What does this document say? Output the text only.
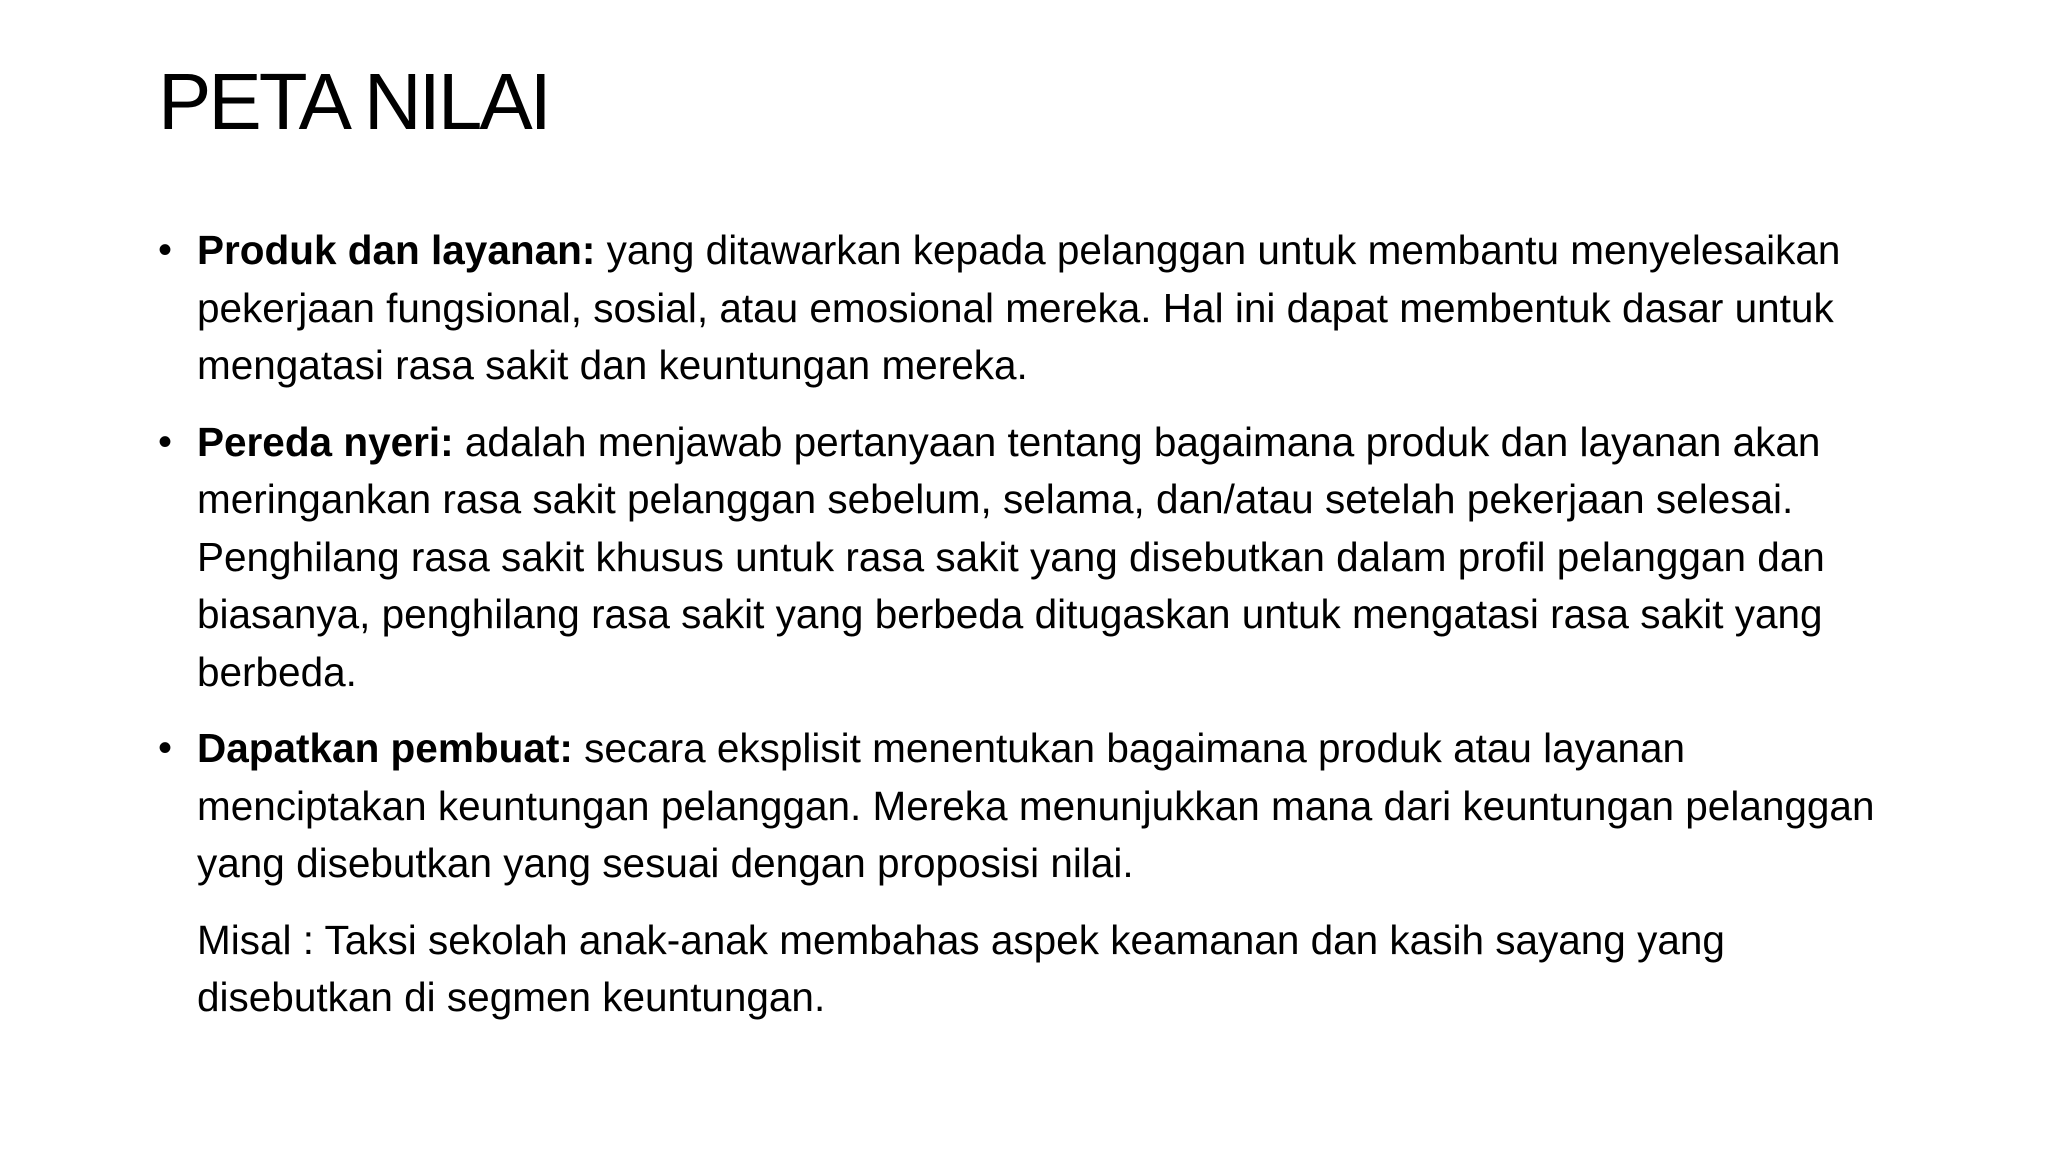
PETA NILAI

• Produk dan layanan: yang ditawarkan kepada pelanggan untuk membantu menyelesaikan pekerjaan fungsional, sosial, atau emosional mereka. Hal ini dapat membentuk dasar untuk mengatasi rasa sakit dan keuntungan mereka.

• Pereda nyeri: adalah menjawab pertanyaan tentang bagaimana produk dan layanan akan meringankan rasa sakit pelanggan sebelum, selama, dan/atau setelah pekerjaan selesai. Penghilang rasa sakit khusus untuk rasa sakit yang disebutkan dalam profil pelanggan dan biasanya, penghilang rasa sakit yang berbeda ditugaskan untuk mengatasi rasa sakit yang berbeda.

• Dapatkan pembuat: secara eksplisit menentukan bagaimana produk atau layanan menciptakan keuntungan pelanggan. Mereka menunjukkan mana dari keuntungan pelanggan yang disebutkan yang sesuai dengan proposisi nilai.

Misal : Taksi sekolah anak-anak membahas aspek keamanan dan kasih sayang yang disebutkan di segmen keuntungan.
